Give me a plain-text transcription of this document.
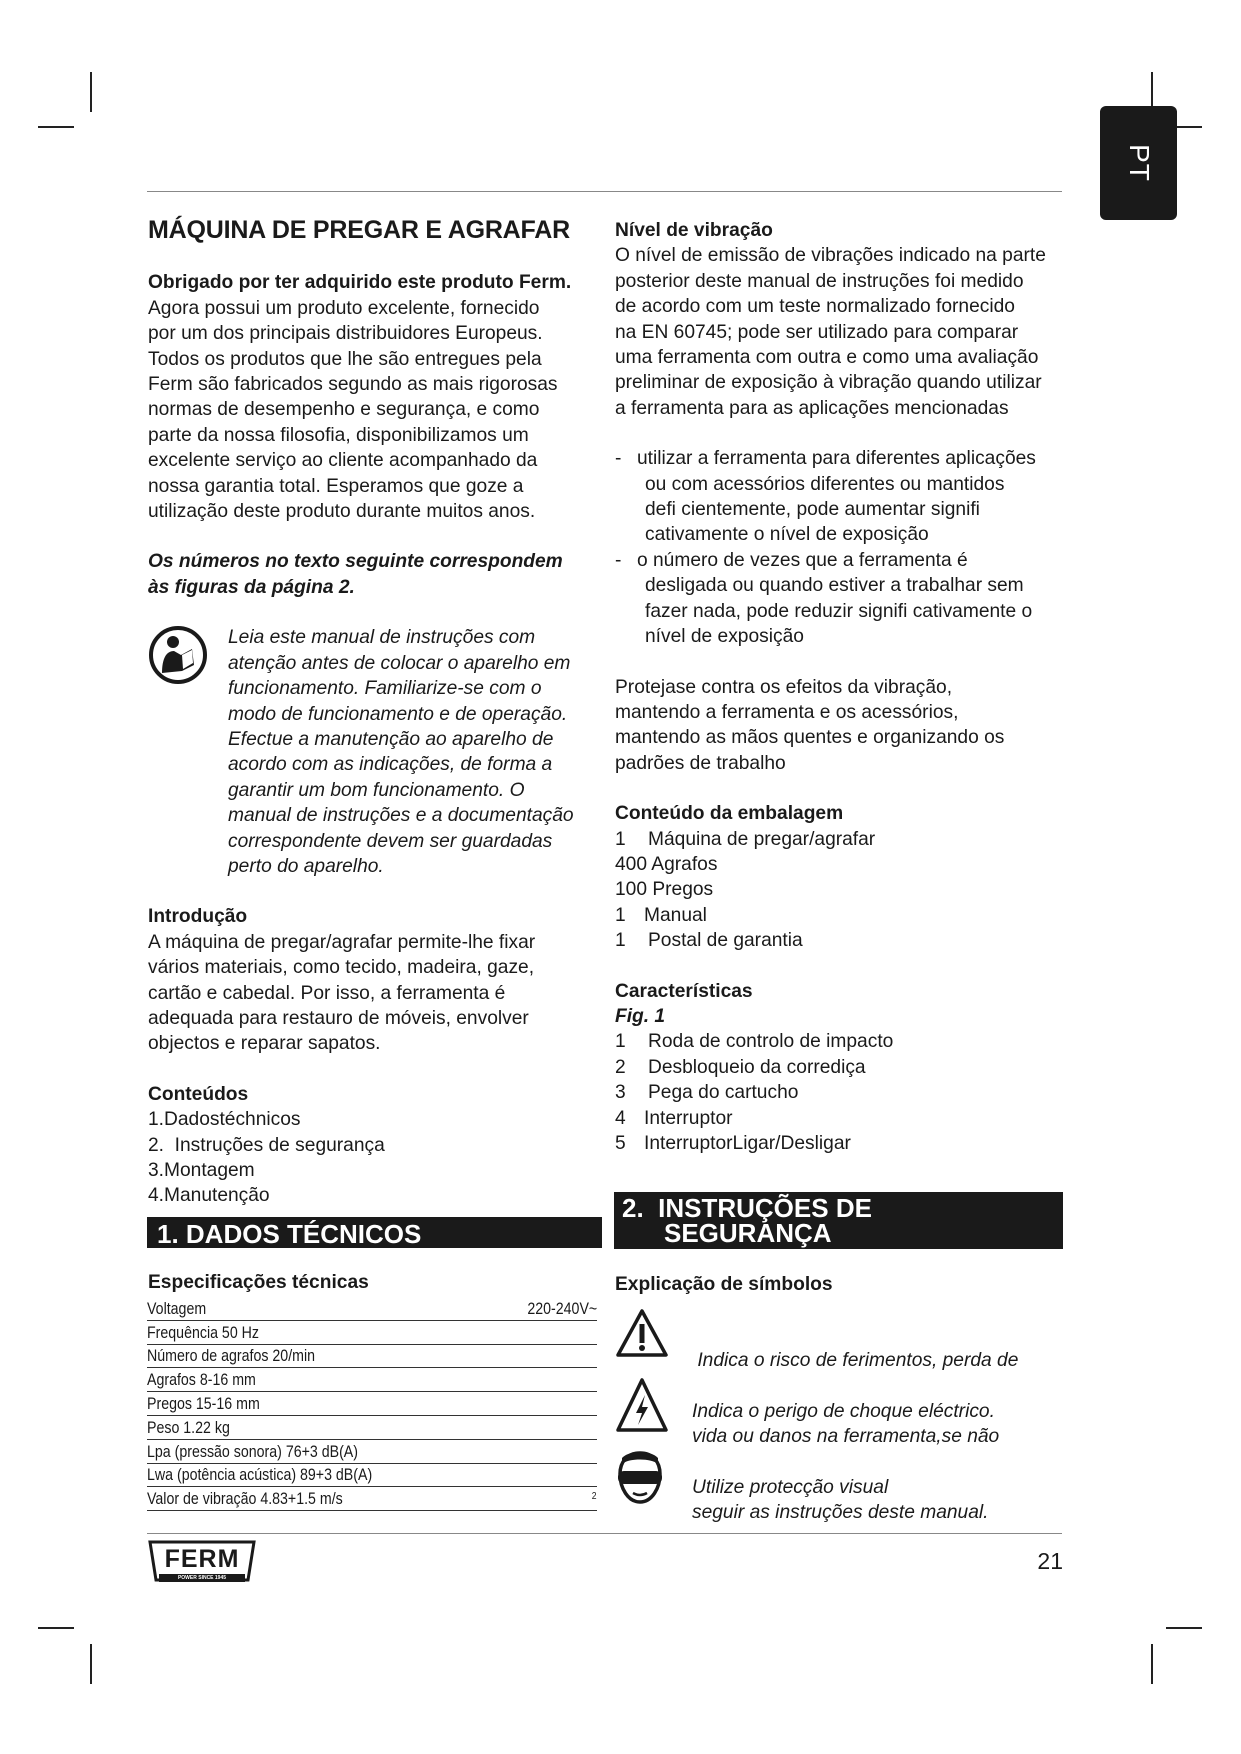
PT

MÁQUINA DE PREGAR E AGRAFAR

Obrigado por ter adquirido este produto Ferm.

Agora possui um produto excelente, fornecido

por um dos principais distribuidores Europeus.

Todos os produtos que lhe são entregues pela

Ferm são fabricados segundo as mais rigorosas

normas de desempenho e segurança, e como

parte da nossa filosofia, disponibilizamos um

excelente serviço ao cliente acompanhado da

nossa garantia total. Esperamos que goze a

utilização deste produto durante muitos anos.

Os números no texto seguinte correspondem

às figuras da página 2.

Leia este manual de instruções com

atenção antes de colocar o aparelho em

funcionamento. Familiarize-se com o

modo de funcionamento e de operação.

Efectue a manutenção ao aparelho de

acordo com as indicações, de forma a

garantir um bom funcionamento. O

manual de instruções e a documentação

correspondente devem ser guardadas

perto do aparelho.

Introdução

A máquina de pregar/agrafar permite-lhe fixar

vários materiais, como tecido, madeira, gaze,

cartão e cabedal. Por isso, a ferramenta é

adequada para restauro de móveis, envolver

objectos e reparar sapatos.

Conteúdos

1.Dadostéchnicos

2.  Instruções de segurança

3.Montagem

4.Manutenção

1. DADOS TÉCNICOS
Especificações técnicas
Voltagem	220-240V~
Frequência 50 Hz
Número de agrafos 20/min
Agrafos 8-16 mm
Pregos 15-16 mm
Peso 1.22 kg
Lpa (pressão sonora) 76+3 dB(A)
Lwa (potência acústica) 89+3 dB(A)
Valor de vibração 4.83+1.5 m/s	2

Nível de vibração

O nível de emissão de vibrações indicado na parte

posterior deste manual de instruções foi medido

de acordo com um teste normalizado fornecido

na EN 60745; pode ser utilizado para comparar

uma ferramenta com outra e como uma avaliação

preliminar de exposição à vibração quando utilizar

a ferramenta para as aplicações mencionadas

- utilizar a ferramenta para diferentes aplicações

ou com acessórios diferentes ou mantidos

defi cientemente, pode aumentar signifi

cativamente o nível de exposição

- o número de vezes que a ferramenta é

desligada ou quando estiver a trabalhar sem

fazer nada, pode reduzir signifi cativamente o

nível de exposição

Protejase contra os efeitos da vibração,

mantendo a ferramenta e os acessórios,

mantendo as mãos quentes e organizando os

padrões de trabalho

Conteúdo da embalagem

1	Máquina de pregar/agrafar

400 Agrafos

100 Pregos

1 Manual
1	Postal de garantia

Características

Fig. 1

1	Roda de controlo de impacto
2	Desbloqueio da corrediça
3	Pega do cartucho
4 Interruptor
5 InterruptorLigar/Desligar
2.  INSTRUÇÕES DE
SEGURANÇA

Explicação de símbolos

Indica o risco de ferimentos, perda de

vida ou danos na ferramenta,se não

seguir as instruções deste manual.

Indica o perigo de choque eléctrico.
Utilize protecção visual
FERM
POWER SINCE 1945
21
